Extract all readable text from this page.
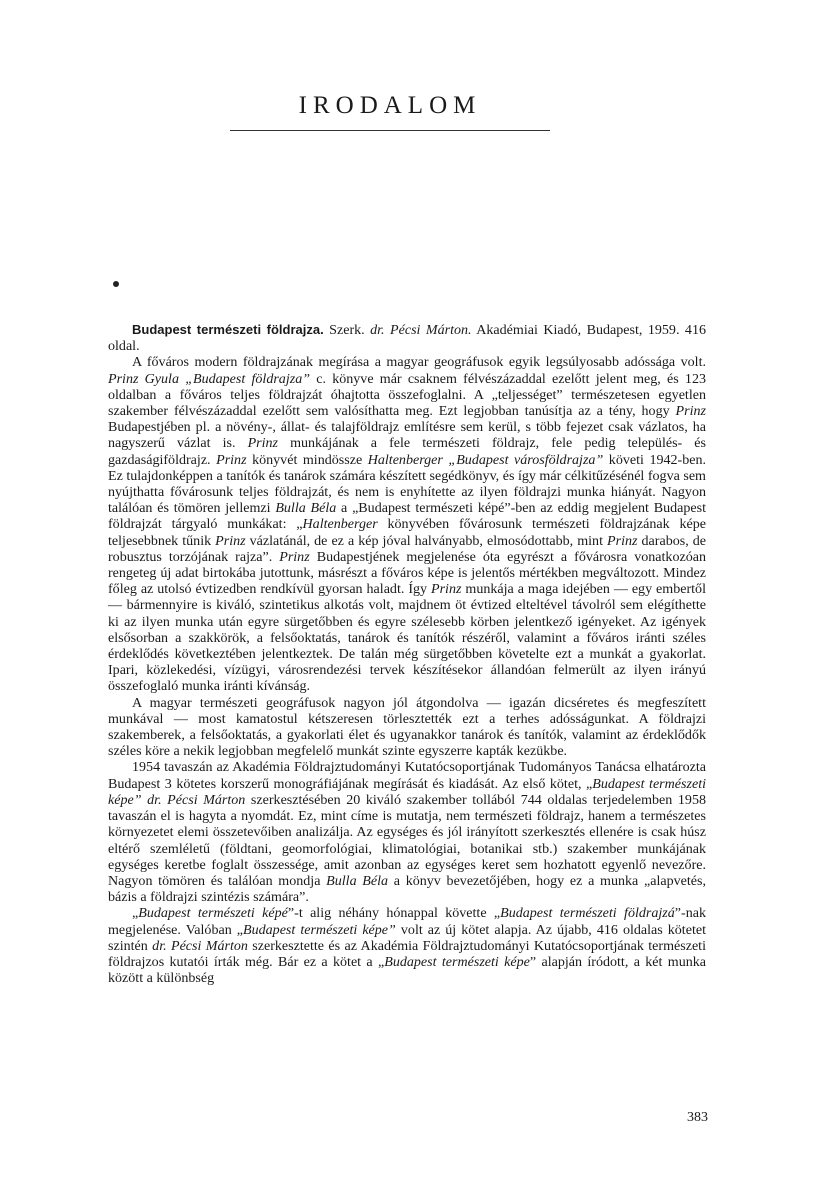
IRODALOM

Budapest természeti földrajza. Szerk. dr. Pécsi Márton. Akadémiai Kiadó, Budapest, 1959. 416 oldal.

A főváros modern földrajzának megírása a magyar geográfusok egyik legsúlyosabb adóssága volt. Prinz Gyula „Budapest földrajza” c. könyve már csaknem félvészázaddal ezelőtt jelent meg, és 123 oldalban a főváros teljes földrajzát óhajtotta összefoglalni. A „teljességet” természetesen egyetlen szakember félvészázaddal ezelőtt sem valósíthatta meg. Ezt legjobban tanúsítja az a tény, hogy Prinz Budapestjében pl. a növény-, állat- és talajföldrajz említésre sem kerül, s több fejezet csak vázlatos, ha nagyszerű vázlat is. Prinz munkájának a fele természeti földrajz, fele pedig település- és gazdaságiföldrajz. Prinz könyvét mindössze Haltenberger „Budapest városföldrajza” követi 1942-ben. Ez tulajdonképpen a tanítók és tanárok számára készített segédkönyv, és így már célkitűzésénél fogva sem nyújthatta fővárosunk teljes földrajzát, és nem is enyhítette az ilyen földrajzi munka hiányát. Nagyon találóan és tömören jellemzi Bulla Béla a „Budapest természeti képé”-ben az eddig megjelent Budapest földrajzát tárgyaló munkákat: „Haltenberger könyvében fővárosunk természeti földrajzának képe teljesebbnek tűnik Prinz vázlatánál, de ez a kép jóval halványabb, elmosódottabb, mint Prinz darabos, de robusztus torzójának rajza”. Prinz Budapestjének megjelenése óta egyrészt a fővárosra vonatkozóan rengeteg új adat birtokába jutottunk, másrészt a főváros képe is jelentős mértékben megváltozott. Mindez főleg az utolsó évtizedben rendkívül gyorsan haladt. Így Prinz munkája a maga idejében — egy embertől — bármennyire is kiváló, szintetikus alkotás volt, majdnem öt évtized elteltével távolról sem elégíthette ki az ilyen munka után egyre sürgetőbben és egyre szélesebb körben jelentkező igényeket. Az igények elsősorban a szakkörök, a felsőoktatás, tanárok és tanítók részéről, valamint a főváros iránti széles érdeklődés következtében jelentkeztek. De talán még sürgetőbben követelte ezt a munkát a gyakorlat. Ipari, közlekedési, vízügyi, városrendezési tervek készítésekor állandóan felmerült az ilyen irányú összefoglaló munka iránti kívánság.

A magyar természeti geográfusok nagyon jól átgondolva — igazán dicséretes és megfeszített munkával — most kamatostul kétszeresen törlesztették ezt a terhes adósságunkat. A földrajzi szakemberek, a felsőoktatás, a gyakorlati élet és ugyanakkor tanárok és tanítók, valamint az érdeklődők széles köre a nekik legjobban megfelelő munkát szinte egyszerre kapták kezükbe.

1954 tavaszán az Akadémia Földrajztudományi Kutatócsoportjának Tudományos Tanácsa elhatározta Budapest 3 kötetes korszerű monográfiájának megírását és kiadását. Az első kötet, „Budapest természeti képe” dr. Pécsi Márton szerkesztésében 20 kiváló szakember tollából 744 oldalas terjedelemben 1958 tavaszán el is hagyta a nyomdát. Ez, mint címe is mutatja, nem természeti földrajz, hanem a természetes környezetet elemi összetevőiben analizálja. Az egységes és jól irányított szerkesztés ellenére is csak húsz eltérő szemléletű (földtani, geomorfológiai, klimatológiai, botanikai stb.) szakember munkájának egységes keretbe foglalt összessége, amit azonban az egységes keret sem hozhatott egyenlő nevezőre. Nagyon tömören és találóan mondja Bulla Béla a könyv bevezetőjében, hogy ez a munka „alapvetés, bázis a földrajzi szintézis számára”.

„Budapest természeti képé”-t alig néhány hónappal követte „Budapest természeti földrajzá”-nak megjelenése. Valóban „Budapest természeti képe” volt az új kötet alapja. Az újabb, 416 oldalas kötetet szintén dr. Pécsi Márton szerkesztette és az Akadémia Földrajztudományi Kutatócsoportjának természeti földrajzos kutatói írták még. Bár ez a kötet a „Budapest természeti képe” alapján íródott, a két munka között a különbség

383
